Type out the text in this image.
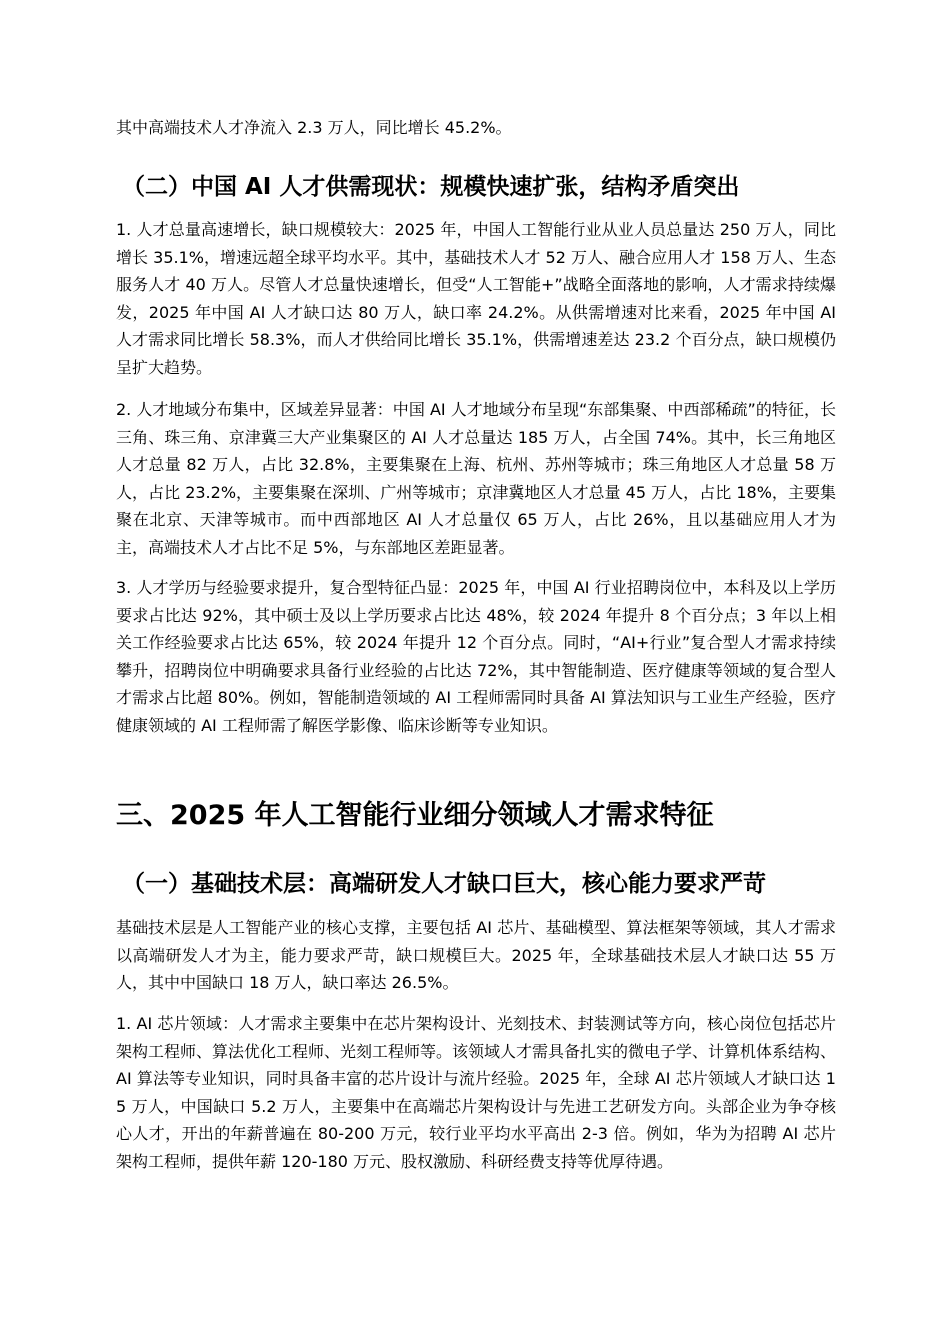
其中高端技术人才净流入 2.3 万人，同比增长 45.2%。

（二）中国 AI 人才供需现状：规模快速扩张，结构矛盾突出

1. 人才总量高速增长，缺口规模较大：2025 年，中国人工智能行业从业人员总量达 250 万人，同比增长 35.1%，增速远超全球平均水平。其中，基础技术人才 52 万人、融合应用人才 158 万人、生态服务人才 40 万人。尽管人才总量快速增长，但受“人工智能+”战略全面落地的影响，人才需求持续爆发，2025 年中国 AI 人才缺口达 80 万人，缺口率 24.2%。从供需增速对比来看，2025 年中国 AI 人才需求同比增长 58.3%，而人才供给同比增长 35.1%，供需增速差达 23.2 个百分点，缺口规模仍呈扩大趋势。

2. 人才地域分布集中，区域差异显著：中国 AI 人才地域分布呈现“东部集聚、中西部稀疏”的特征，长三角、珠三角、京津冀三大产业集聚区的 AI 人才总量达 185 万人，占全国 74%。其中，长三角地区人才总量 82 万人，占比 32.8%，主要集聚在上海、杭州、苏州等城市；珠三角地区人才总量 58 万人，占比 23.2%，主要集聚在深圳、广州等城市；京津冀地区人才总量 45 万人，占比 18%，主要集聚在北京、天津等城市。而中西部地区 AI 人才总量仅 65 万人，占比 26%，且以基础应用人才为主，高端技术人才占比不足 5%，与东部地区差距显著。

3. 人才学历与经验要求提升，复合型特征凸显：2025 年，中国 AI 行业招聘岗位中，本科及以上学历要求占比达 92%，其中硕士及以上学历要求占比达 48%，较 2024 年提升 8 个百分点；3 年以上相关工作经验要求占比达 65%，较 2024 年提升 12 个百分点。同时，“AI+行业”复合型人才需求持续攀升，招聘岗位中明确要求具备行业经验的占比达 72%，其中智能制造、医疗健康等领域的复合型人才需求占比超 80%。例如，智能制造领域的 AI 工程师需同时具备 AI 算法知识与工业生产经验，医疗健康领域的 AI 工程师需了解医学影像、临床诊断等专业知识。

三、2025 年人工智能行业细分领域人才需求特征
（一）基础技术层：高端研发人才缺口巨大，核心能力要求严苛

基础技术层是人工智能产业的核心支撑，主要包括 AI 芯片、基础模型、算法框架等领域，其人才需求以高端研发人才为主，能力要求严苛，缺口规模巨大。2025 年，全球基础技术层人才缺口达 55 万人，其中中国缺口 18 万人，缺口率达 26.5%。

1. AI 芯片领域：人才需求主要集中在芯片架构设计、光刻技术、封装测试等方向，核心岗位包括芯片架构工程师、算法优化工程师、光刻工程师等。该领域人才需具备扎实的微电子学、计算机体系结构、AI 算法等专业知识，同时具备丰富的芯片设计与流片经验。2025 年，全球 AI 芯片领域人才缺口达 15 万人，中国缺口 5.2 万人，主要集中在高端芯片架构设计与先进工艺研发方向。头部企业为争夺核心人才，开出的年薪普遍在 80-200 万元，较行业平均水平高出 2-3 倍。例如，华为为招聘 AI 芯片架构工程师，提供年薪 120-180 万元、股权激励、科研经费支持等优厚待遇。
